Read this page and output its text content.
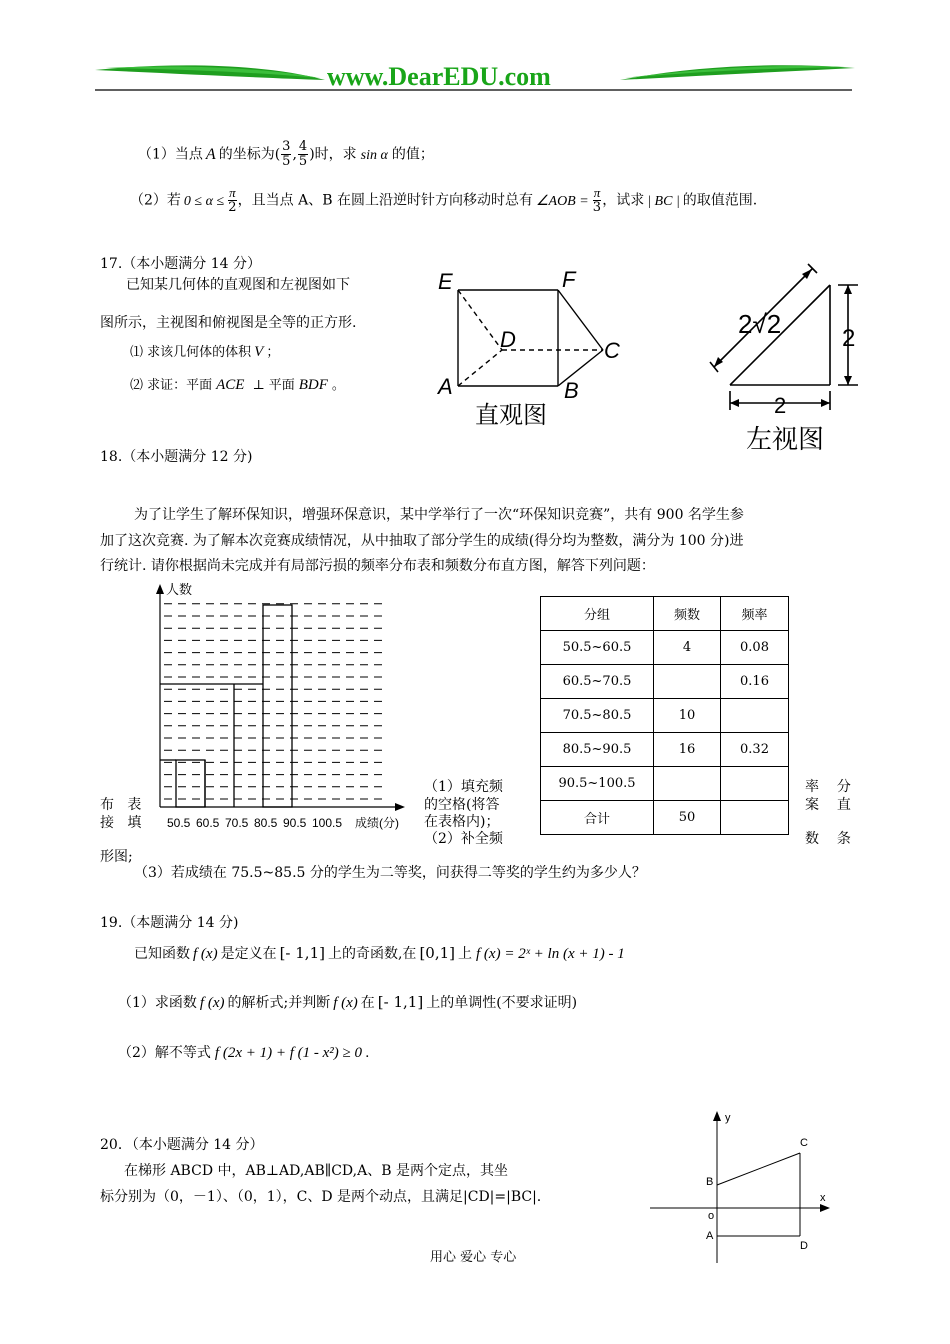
www.DearEDU.com
（1）当点 A 的坐标为( $\frac{3}{5}$ , $\frac{4}{5}$ )时，求 sin α 的值；
（2）若 $0 \le \alpha \le \frac{\pi}{2}$ ，且当点 A、B 在圆上沿逆时针方向移动时总有 ∠AOB = $\frac{\pi}{3}$ ，试求 | BC | 的取值范围.
17.（本小题满分 14 分）
已知某几何体的直观图和左视图如下
图所示，主视图和俯视图是全等的正方形.
⑴ 求该几何体的体积 V ；
⑵ 求证：平面 ACE ⊥ 平面 BDF 。
E	F
D	C
A	B
直观图
2√2	2
2
左视图
18.（本小题满分 12 分)
为了让学生了解环保知识，增强环保意识，某中学举行了一次“环保知识竞赛”，共有 900 名学生参
加了这次竞赛. 为了解本次竞赛成绩情况，从中抽取了部分学生的成绩(得分均为整数，满分为 100 分)进
行统计. 请你根据尚未完成并有局部污损的频率分布表和频数分布直方图，解答下列问题：
50.5 60.5 70.5 80.5 90.5 100.5
人数
成绩(分)
分组	频数	频率
50.5~60.5	4	0.08
60.5~70.5		0.16
70.5~80.5	10	
80.5~90.5	16	0.32
90.5~100.5		
合计	50	
布 表
接 填
（1）填充频
的空格(将答
在表格内)；
（2）补全频
率 分
案 直
数 条
形图;
（3）若成绩在 75.5~85.5 分的学生为二等奖，问获得二等奖的学生约为多少人？
19.（本题满分 14 分)
已知函数 f (x) 是定义在 [- 1,1] 上的奇函数,在 [0,1] 上 f (x) = 2ˣ + ln (x + 1) - 1
（1）求函数 f (x) 的解析式;并判断 f (x) 在 [- 1,1] 上的单调性(不要求证明)
（2）解不等式 f (2x + 1) + f (1 - x²) ≥ 0 .
20．（本小题满分 14 分）
在梯形 ABCD 中，AB⊥AD,AB∥CD,A、B 是两个定点，其坐
标分别为（0，－1）、（0，1），C、D 是两个动点，且满足|CD|=|BC|.
y
x
o
B
A
C
D
用心 爱心 专心
